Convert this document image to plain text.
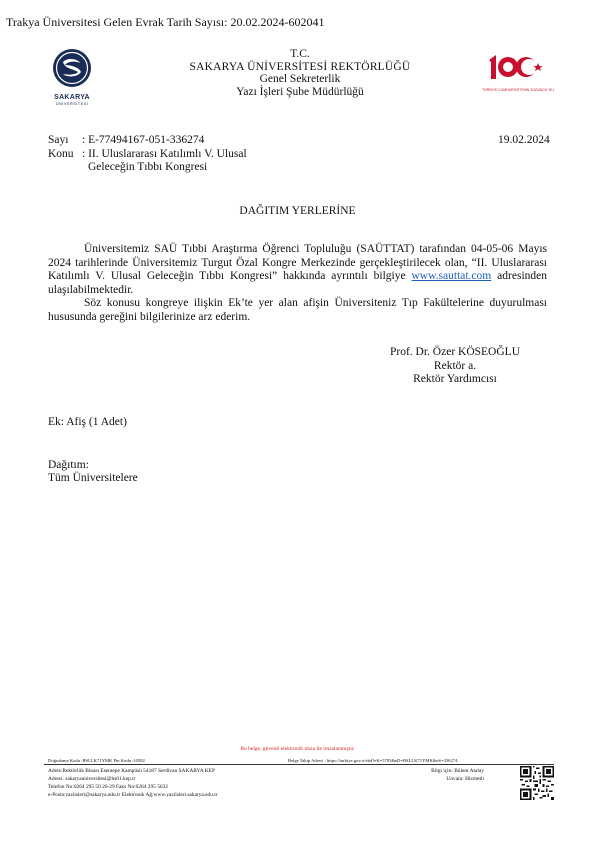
Trakya Üniversitesi Gelen Evrak Tarih Sayısı: 20.02.2024-602041
SAKARYA
ÜNİVERSİTESİ
T.C.
SAKARYA ÜNİVERSİTESİ REKTÖRLÜĞÜ
Genel Sekreterlik
Yazı İşleri Şube Müdürlüğü	TÜRKİYE CUMHURİYETİ'NİN YÜZÜNCÜ YILI
Sayı : E-77494167-051-336274
Konu : II. Uluslararası Katılımlı V. Ulusal
Geleceğin Tıbbı Kongresi
19.02.2024
DAĞITIM YERLERİNE

Üniversitemiz SAÜ Tıbbi Araştırma Öğrenci Topluluğu (SAÜTTAT) tarafından 04-05-06 Mayıs 2024 tarihlerinde Üniversitemiz Turgut Özal Kongre Merkezinde gerçekleştirilecek olan, “II. Uluslararası Katılımlı V. Ulusal Geleceğin Tıbbı Kongresi” hakkında ayrıntılı bilgiye www.sauttat.com adresinden ulaşılabilmektedir.

Söz konusu kongreye ilişkin Ek’te yer alan afişin Üniversiteniz Tıp Fakültelerine duyurulması hususunda gereğini bilgilerinize arz ederim.

Prof. Dr. Özer KÖSEOĞLU
Rektör a.
Rektör Yardımcısı
Ek: Afiş (1 Adet)
Dağıtım:
Tüm Üniversitelere
Bu belge, güvenli elektronik imza ile imzalanmıştır.
Doğrulama Kodu :BSLLK71YMK Pin Kodu :10582	Belge Takip Adresi : https://turkiye.gov.tr/ebd?eK=5783&eD=BSLLK71YMK&eS=336274
Adres:Rektörlük Binası Esentepe Kampüsü 54187 Serdivan SAKARYA KEP
Adresi: sakaryauniversitesi@hs01.kep.tr
Telefon No:0264 295 50 26-29 Faks No:0264 295 5032
e-Posta:yaziisleri@sakarya.edu.tr Elektronik Ağ:www.yaziisleri.sakarya.edu.tr
Bilgi için: Bülent Atalay
Unvanı: Hizmetli
